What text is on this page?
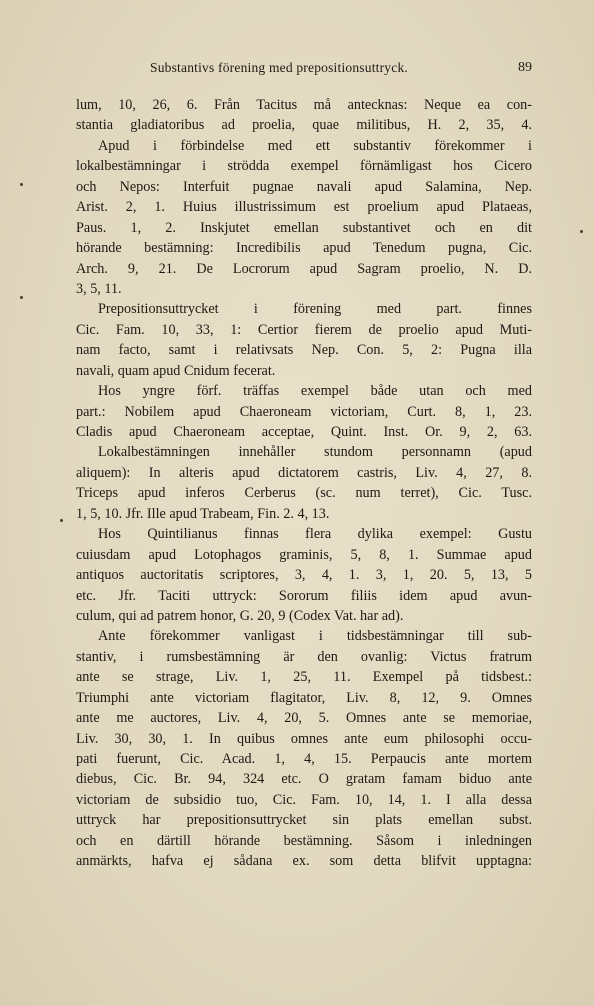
Substantivs förening med prepositionsuttryck.	89
lum, 10, 26, 6. Från Tacitus må antecknas: Neque ea con-
stantia gladiatoribus ad proelia, quae militibus, H. 2, 35, 4.
Apud i förbindelse med ett substantiv förekommer i
lokalbestämningar i strödda exempel förnämligast hos Cicero
och Nepos: Interfuit pugnae navali apud Salamina, Nep.
Arist. 2, 1. Huius illustrissimum est proelium apud Plataeas,
Paus. 1, 2. Inskjutet emellan substantivet och en dit
hörande bestämning: Incredibilis apud Tenedum pugna, Cic.
Arch. 9, 21. De Locrorum apud Sagram proelio, N. D.
3, 5, 11.
Prepositionsuttrycket i förening med part. finnes
Cic. Fam. 10, 33, 1: Certior fierem de proelio apud Muti-
nam facto, samt i relativsats Nep. Con. 5, 2: Pugna illa
navali, quam apud Cnidum fecerat.
Hos yngre förf. träffas exempel både utan och med
part.: Nobilem apud Chaeroneam victoriam, Curt. 8, 1, 23.
Cladis apud Chaeroneam acceptae, Quint. Inst. Or. 9, 2, 63.
Lokalbestämningen innehåller stundom personnamn (apud
aliquem): In alteris apud dictatorem castris, Liv. 4, 27, 8.
Triceps apud inferos Cerberus (sc. num terret), Cic. Tusc.
1, 5, 10. Jfr. Ille apud Trabeam, Fin. 2. 4, 13.
Hos Quintilianus finnas flera dylika exempel: Gustu
cuiusdam apud Lotophagos graminis, 5, 8, 1. Summae apud
antiquos auctoritatis scriptores, 3, 4, 1. 3, 1, 20. 5, 13, 5
etc. Jfr. Taciti uttryck: Sororum filiis idem apud avun-
culum, qui ad patrem honor, G. 20, 9 (Codex Vat. har ad).
Ante förekommer vanligast i tidsbestämningar till sub-
stantiv, i rumsbestämning är den ovanlig: Victus fratrum
ante se strage, Liv. 1, 25, 11. Exempel på tidsbest.:
Triumphi ante victoriam flagitator, Liv. 8, 12, 9. Omnes
ante me auctores, Liv. 4, 20, 5. Omnes ante se memoriae,
Liv. 30, 30, 1. In quibus omnes ante eum philosophi occu-
pati fuerunt, Cic. Acad. 1, 4, 15. Perpaucis ante mortem
diebus, Cic. Br. 94, 324 etc. O gratam famam biduo ante
victoriam de subsidio tuo, Cic. Fam. 10, 14, 1. I alla dessa
uttryck har prepositionsuttrycket sin plats emellan subst.
och en därtill hörande bestämning. Såsom i inledningen
anmärkts, hafva ej sådana ex. som detta blifvit upptagna:
